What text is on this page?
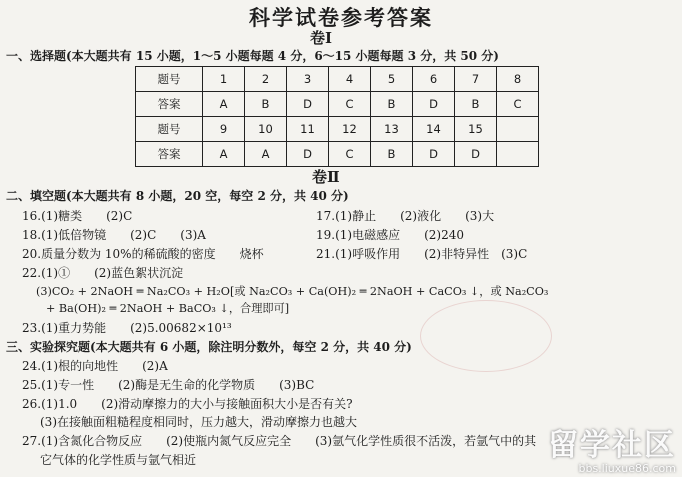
科学试卷参考答案
卷Ⅰ
一、选择题(本大题共有 15 小题，1～5 小题每题 4 分，6～15 小题每题 3 分，共 50 分)
题号	1	2	3	4	5	6	7	8
答案	A	B	D	C	B	D	B	C
题号	9	10	11	12	13	14	15	
答案	A	A	D	C	B	D	D	
卷Ⅱ
二、填空题(本大题共有 8 小题，20 空，每空 2 分，共 40 分)
16.(1)糖类　　(2)C	17.(1)静止　　(2)液化　　(3)大
18.(1)低倍物镜　　(2)C　　(3)A	19.(1)电磁感应　　(2)240
20.质量分数为 10%的稀硫酸的密度　　烧杯	21.(1)呼吸作用　　(2)非特异性　(3)C
22.(1)①　　(2)蓝色絮状沉淀
(3)CO₂ + 2NaOH ═ Na₂CO₃ + H₂O[或 Na₂CO₃ + Ca(OH)₂ ═ 2NaOH + CaCO₃ ↓，或 Na₂CO₃
+ Ba(OH)₂ ═ 2NaOH + BaCO₃ ↓，合理即可]
23.(1)重力势能　　(2)5.00682×10¹³
三、实验探究题(本大题共有 6 小题，除注明分数外，每空 2 分，共 40 分)
24.(1)根的向地性　　(2)A
25.(1)专一性　　(2)酶是无生命的化学物质　　(3)BC
26.(1)1.0　　(2)滑动摩擦力的大小与接触面积大小是否有关?
(3)在接触面粗糙程度相同时，压力越大，滑动摩擦力也越大
27.(1)含氮化合物反应　　(2)使瓶内氮气反应完全　　(3)氩气化学性质很不活泼，若氩气中的其
它气体的化学性质与氩气相近	留学社区
bbs.liuxue86.com
